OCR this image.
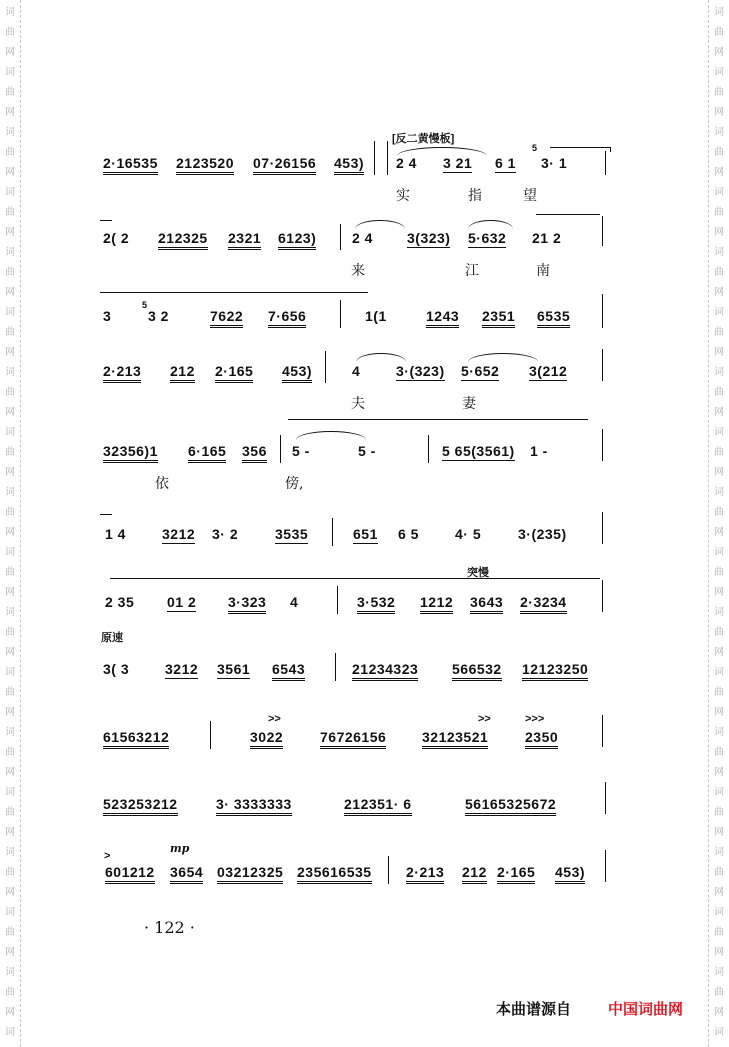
词
曲
网
词
曲
网
词
曲
网
词
曲
网
词
曲
网
词
曲
网
词
曲
网
词
曲
网
词
曲
网
词
曲
网
词
曲
网
词
曲
网
词
曲
网
词
曲
网
词
曲
网
词
曲
网
词
曲
网
词
词
曲
网
词
曲
网
词
曲
网
词
曲
网
词
曲
网
词
曲
网
词
曲
网
词
曲
网
词
曲
网
词
曲
网
词
曲
网
词
曲
网
词
曲
网
词
曲
网
词
曲
网
词
曲
网
词
曲
网
词
[反二黄慢板]
2·16535 2123520 07·26156 453) 2 4 3 21 6 1
5
3· 1
实	指	望
2( 2 212325 2321 6123)	2 4 3(323) 5·632 21 2
来	江	南
3
5
3 2	7622 7·656	1(1	1243 2351 6535
2·213 212 2·165 453)	4	3·(323) 5·652 3(212
夫	妻
32356)1 6·165 356 5 -	5 -	5 65(3561) 1 -
依	傍,
1 4	3212 3· 2	3535	651 6 5	4· 5	3·(235)
突慢
2 35 01 2 3·323 4	3·532 1212 3643 2·3234
原速
3( 3	3212 3561 6543	21234323 566532 12123250
61563212
>>
3022	76726156
>>
32123521
>>>
2350
523253212	3· 3333333	212351· 6	56165325672
>
mp
601212 3654 03212325 235616535 2·213 212 2·165 453)
· 122 ·
本曲谱源自 中国词曲网
